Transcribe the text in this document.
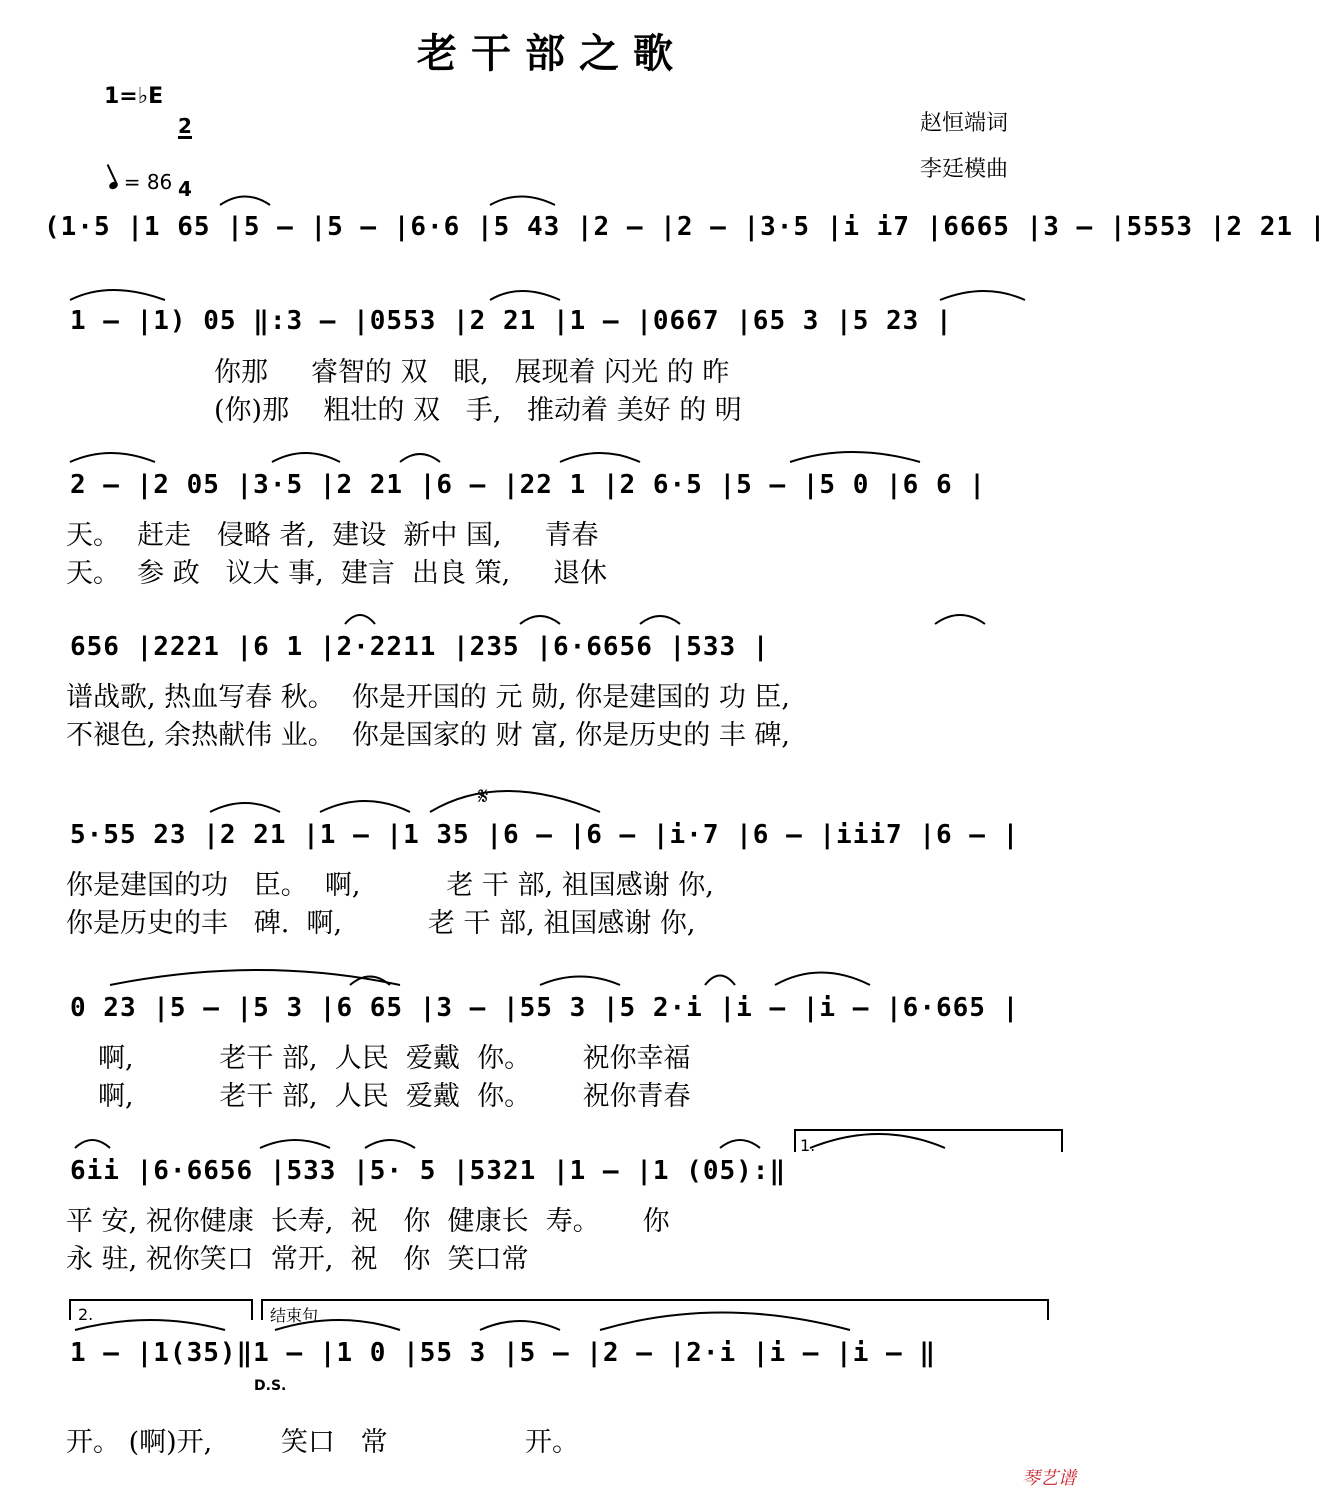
老干部之歌
1=♭E

2

4

= 86

赵恒端词
李廷模曲
(1·5 |1 65 |5 – |5 – |6·6 |5 43 |2 – |2 – |3·5 |i i7 |6665 |3 – |5553 |2 21 |
1 – |1) 05 ‖:3 – |0553 |2 21 |1 – |0667 |65 3 |5 23 |
你那     睿智的 双   眼,   展现着 闪光 的 昨
(你)那    粗壮的 双   手,   推动着 美好 的 明
2 – |2 05 |3·5 |2 21 |6 – |22 1 |2 6·5 |5 – |5 0 |6 6 |
天。  赶走   侵略 者,  建设  新中 国,     青春
天。  参 政   议大 事,  建言  出良 策,     退休
656 |2221 |6 1 |2·2211 |235 |6·6656 |533 |
谱战歌, 热血写春 秋。  你是开国的 元 勋, 你是建国的 功 臣,
不褪色, 余热献伟 业。  你是国家的 财 富, 你是历史的 丰 碑,
5·55 23 |2 21 |1 – |1 35 |6 – |6 – |i·7 |6 – |iii7 |6 – |
你是建国的功   臣。  啊,          老 干 部, 祖国感谢 你,
你是历史的丰   碑.  啊,          老 干 部, 祖国感谢 你,
0 23 |5 – |5 3 |6 65 |3 – |55 3 |5 2·i |i – |i – |6·665 |
啊,          老干 部,  人民  爱戴  你。      祝你幸福
啊,          老干 部,  人民  爱戴  你。      祝你青春
6ii |6·6656 |533 |5· 5 |5321 |1 – |1 (05):‖
平 安, 祝你健康  长寿,  祝   你  健康长  寿。     你
永 驻, 祝你笑口  常开,  祝   你  笑口常
2.	结束句
1.
1 – |1(35)‖1 – |1 0 |55 3 |5 – |2 – |2·i |i – |i – ‖
D.S.
开。 (啊)开,        笑口   常                开。
𝄋
琴艺谱
